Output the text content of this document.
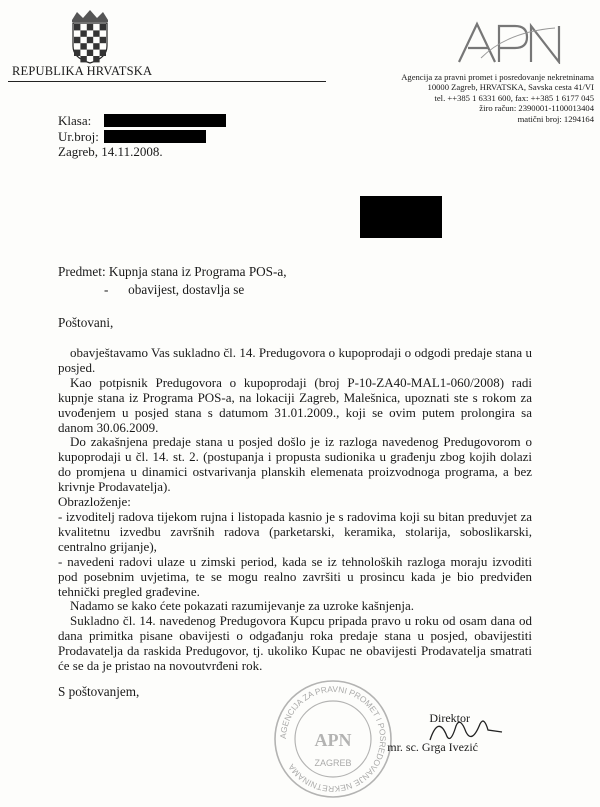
REPUBLIKA HRVATSKA	Agencija za pravni promet i posredovanje nekretninama
10000 Zagreb, HRVATSKA, Savska cesta 41/VI
tel. ++385 1 6331 600, fax: ++385 1 6177 045
žiro račun: 2390001-1100013404
matični broj: 1294164
Klasa:
Ur.broj:
Zagreb, 14.11.2008.
Predmet: Kupnja stana iz Programa POS-a,
-      obavijest, dostavlja se
Poštovani,

obavještavamo Vas sukladno čl. 14. Predugovora o kupoprodaji o odgodi predaje stana u posjed.

Kao potpisnik Predugovora o kupoprodaji (broj P-10-ZA40-MAL1-060/2008) radi kupnje stana iz Programa POS-a, na lokaciji Zagreb, Malešnica, upoznati ste s rokom za uvođenjem u posjed stana s datumom 31.01.2009., koji se ovim putem prolongira sa danom 30.06.2009.

Do zakašnjena predaje stana u posjed došlo je iz razloga navedenog Predugovorom o kupoprodaji u čl. 14. st. 2. (postupanja i propusta sudionika u građenju zbog kojih dolazi do promjena u dinamici ostvarivanja planskih elemenata proizvodnoga programa, a bez krivnje Prodavatelja).

Obrazloženje:

- izvoditelj radova tijekom rujna i listopada kasnio je s radovima koji su bitan preduvjet za kvalitetnu izvedbu završnih radova (parketarski, keramika, stolarija, soboslikarski, centralno grijanje),

- navedeni radovi ulaze u zimski period, kada se iz tehnoloških razloga moraju izvoditi pod posebnim uvjetima, te se mogu realno završiti u prosincu kada je bio predviđen tehnički pregled građevine.

Nadamo se kako ćete pokazati razumijevanje za uzroke kašnjenja.

Sukladno čl. 14. navedenog Predugovora Kupcu pripada pravo u roku od osam dana od dana primitka pisane obavijesti o odgađanju roka predaje stana u posjed, obavijestiti Prodavatelja da raskida Predugovor, tj. ukoliko Kupac ne obavijesti Prodavatelja smatrati će se da je pristao na novoutvrđeni rok.

S poštovanjem,
AGENCIJA ZA PRAVNI PROMET I POSREDOVANJE NEKRETNINAMA
APN
ZAGREB
Direktor
mr. sc. Grga Ivezić
